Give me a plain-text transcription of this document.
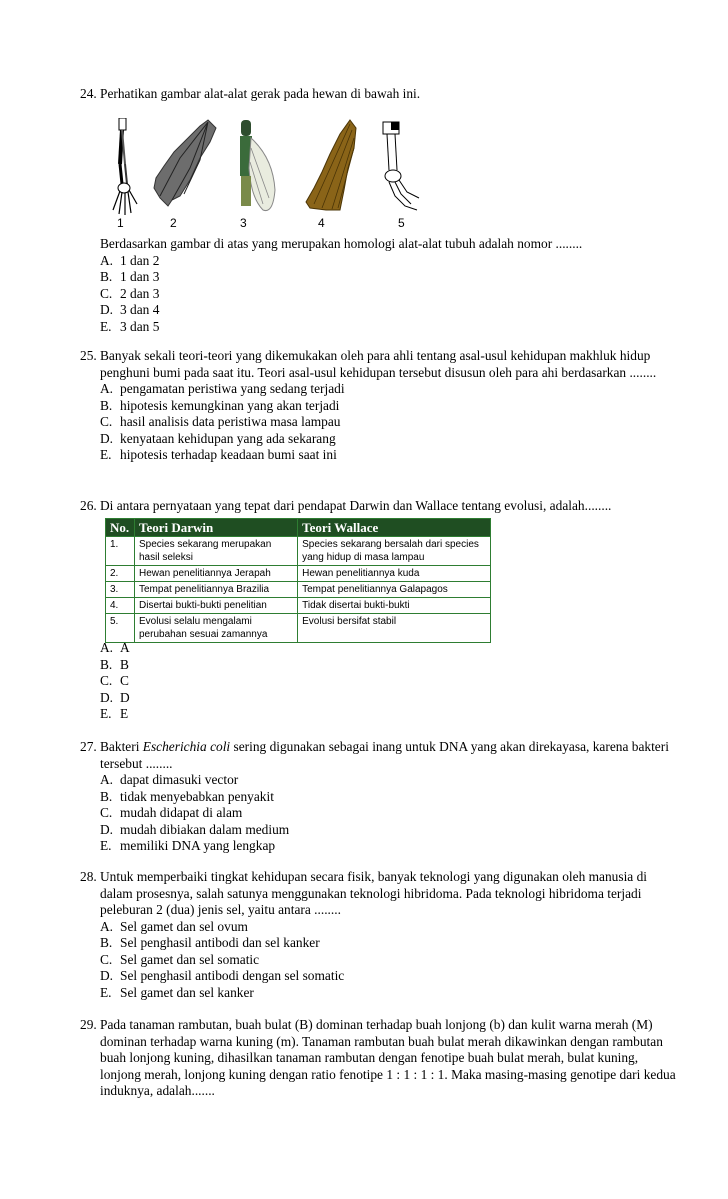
24. Perhatikan gambar alat-alat gerak pada hewan di bawah ini.
1	2	3	4	5
Berdasarkan gambar di atas yang merupakan homologi alat-alat tubuh adalah nomor ........
A. 1 dan 2
B. 1 dan 3
C. 2 dan 3
D. 3 dan 4
E. 3 dan 5
25. Banyak sekali teori-teori yang dikemukakan oleh para ahli tentang asal-usul kehidupan makhluk hidup penghuni bumi pada saat itu. Teori asal-usul kehidupan tersebut disusun oleh para ahi berdasarkan ........
A. pengamatan peristiwa yang sedang terjadi
B. hipotesis kemungkinan yang akan terjadi
C. hasil analisis data peristiwa masa lampau
D. kenyataan kehidupan yang ada sekarang
E. hipotesis terhadap keadaan bumi saat ini
26. Di antara pernyataan yang tepat dari pendapat Darwin dan Wallace tentang evolusi, adalah........
No.	Teori Darwin	Teori Wallace
1.	Species sekarang merupakan hasil seleksi	Species sekarang bersalah dari species yang hidup di masa lampau
2.	Hewan penelitiannya Jerapah	Hewan penelitiannya kuda
3.	Tempat penelitiannya Brazilia	Tempat penelitiannya Galapagos
4.	Disertai bukti-bukti penelitian	Tidak disertai bukti-bukti
5.	Evolusi selalu mengalami perubahan sesuai zamannya	Evolusi bersifat stabil
A. A
B. B
C. C
D. D
E. E
27. Bakteri Escherichia coli sering digunakan sebagai inang untuk DNA yang akan direkayasa, karena bakteri tersebut ........
A. dapat dimasuki vector
B. tidak menyebabkan penyakit
C. mudah didapat di alam
D. mudah dibiakan dalam medium
E. memiliki DNA yang lengkap
28. Untuk memperbaiki tingkat kehidupan secara fisik, banyak teknologi yang digunakan oleh manusia di dalam prosesnya, salah satunya menggunakan teknologi hibridoma. Pada teknologi hibridoma terjadi peleburan 2 (dua) jenis sel, yaitu antara ........
A. Sel gamet dan sel ovum
B. Sel penghasil antibodi dan sel kanker
C. Sel gamet dan sel somatic
D. Sel penghasil antibodi dengan sel somatic
E. Sel gamet dan sel kanker
29. Pada tanaman rambutan, buah bulat (B) dominan terhadap buah lonjong (b) dan kulit warna merah (M) dominan terhadap warna kuning (m). Tanaman rambutan buah bulat merah dikawinkan dengan rambutan buah lonjong kuning, dihasilkan tanaman rambutan dengan fenotipe buah bulat merah, bulat kuning, lonjong merah, lonjong kuning dengan ratio fenotipe 1 : 1 : 1 : 1. Maka masing-masing genotipe dari kedua induknya, adalah.......
